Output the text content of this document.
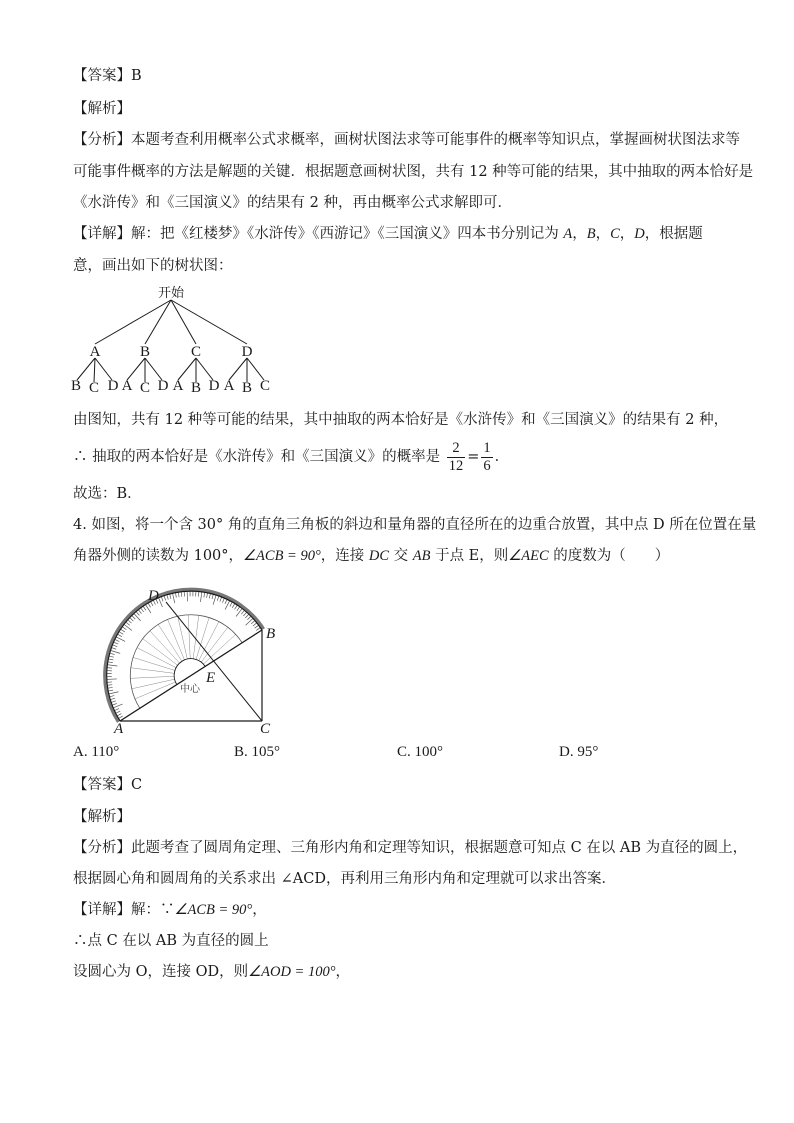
【答案】B
【解析】
【分析】本题考查利用概率公式求概率，画树状图法求等可能事件的概率等知识点，掌握画树状图法求等
可能事件概率的方法是解题的关键．根据题意画树状图，共有 12 种等可能的结果，其中抽取的两本恰好是
《水浒传》和《三国演义》的结果有 2 种，再由概率公式求解即可．
【详解】解：把《红楼梦》《水浒传》《西游记》《三国演义》四本书分别记为 A，B，C，D，根据题
意，画出如下的树状图：
开始
A	B	C	D
B C D A C D A B D A B C
由图知，共有 12 种等可能的结果，其中抽取的两本恰好是《水浒传》和《三国演义》的结果有 2 种，
∴ 抽取的两本恰好是《水浒传》和《三国演义》的概率是 $\frac{2}{12} = \frac{1}{6}$ ．
故选：B．
4. 如图，将一个含 30° 角的直角三角板的斜边和量角器的直径所在的边重合放置，其中点 D 所在位置在量
角器外侧的读数为 100°，∠ACB = 90°，连接 DC 交 AB 于点 E，则∠AEC 的度数为（　　）
D
B
E
A	C
中心
A. 110°	B. 105°	C. 100°	D. 95°
【答案】C
【解析】
【分析】此题考查了圆周角定理、三角形内角和定理等知识，根据题意可知点 C 在以 AB 为直径的圆上，
根据圆心角和圆周角的关系求出 ∠ACD，再利用三角形内角和定理就可以求出答案．
【详解】解：∵∠ACB = 90°，
∴点 C 在以 AB 为直径的圆上
设圆心为 O，连接 OD，则∠AOD = 100°，
